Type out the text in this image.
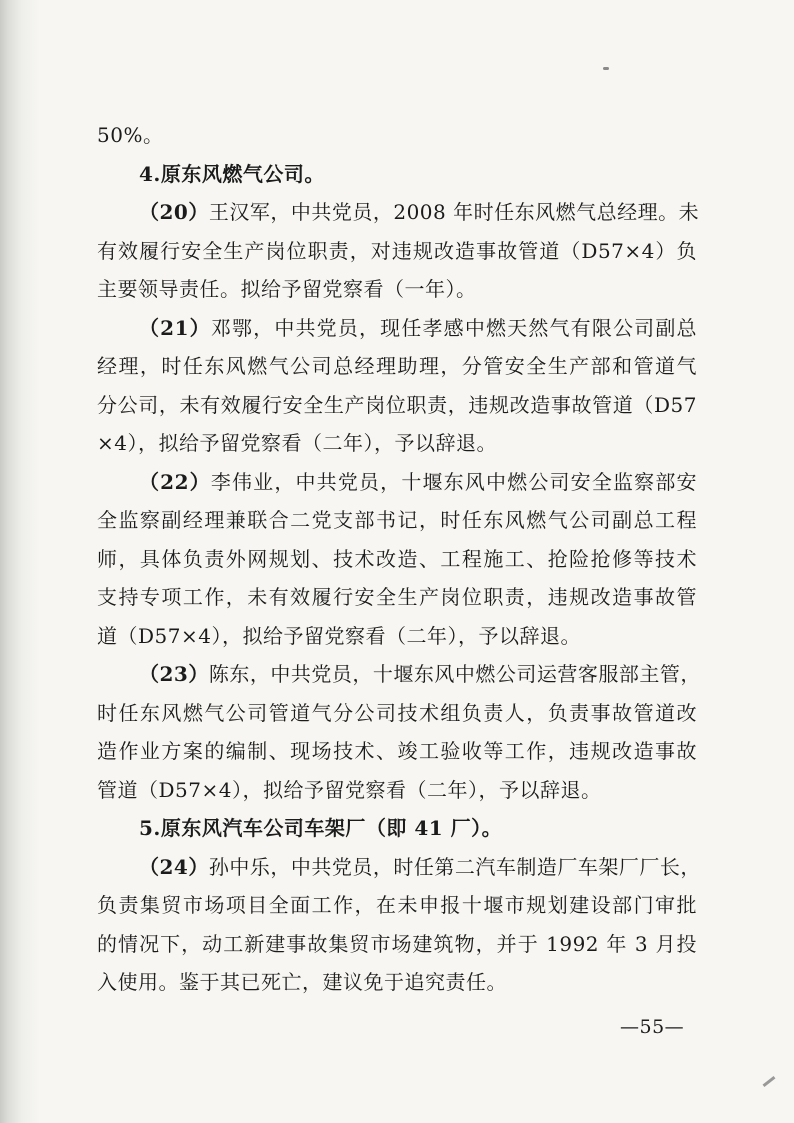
50%。
4.原东风燃气公司。
（20）王汉军，中共党员，2008 年时任东风燃气总经理。未
有效履行安全生产岗位职责，对违规改造事故管道（D57×4）负
主要领导责任。拟给予留党察看（一年）。
（21）邓鄂，中共党员，现任孝感中燃天然气有限公司副总
经理，时任东风燃气公司总经理助理，分管安全生产部和管道气
分公司，未有效履行安全生产岗位职责，违规改造事故管道（D57
×4），拟给予留党察看（二年），予以辞退。
（22）李伟业，中共党员，十堰东风中燃公司安全监察部安
全监察副经理兼联合二党支部书记，时任东风燃气公司副总工程
师，具体负责外网规划、技术改造、工程施工、抢险抢修等技术
支持专项工作，未有效履行安全生产岗位职责，违规改造事故管
道（D57×4），拟给予留党察看（二年），予以辞退。
（23）陈东，中共党员，十堰东风中燃公司运营客服部主管，
时任东风燃气公司管道气分公司技术组负责人，负责事故管道改
造作业方案的编制、现场技术、竣工验收等工作，违规改造事故
管道（D57×4），拟给予留党察看（二年），予以辞退。
5.原东风汽车公司车架厂（即 41 厂）。
（24）孙中乐，中共党员，时任第二汽车制造厂车架厂厂长，
负责集贸市场项目全面工作，在未申报十堰市规划建设部门审批
的情况下，动工新建事故集贸市场建筑物，并于 1992 年 3 月投
入使用。鉴于其已死亡，建议免于追究责任。
—55—
